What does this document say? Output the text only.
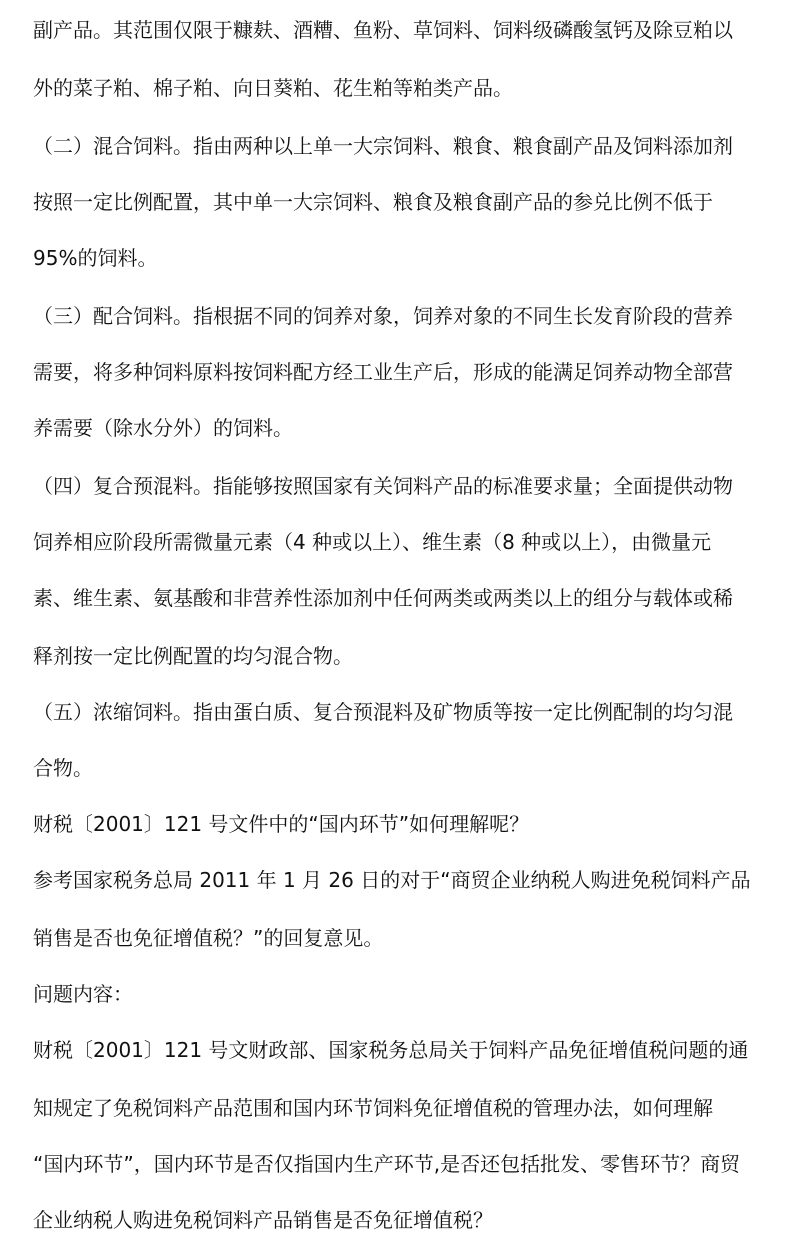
副产品。其范围仅限于糠麸、酒糟、鱼粉、草饲料、饲料级磷酸氢钙及除豆粕以
外的菜子粕、棉子粕、向日葵粕、花生粕等粕类产品。
（二）混合饲料。指由两种以上单一大宗饲料、粮食、粮食副产品及饲料添加剂
按照一定比例配置，其中单一大宗饲料、粮食及粮食副产品的参兑比例不低于
95%的饲料。
（三）配合饲料。指根据不同的饲养对象，饲养对象的不同生长发育阶段的营养
需要，将多种饲料原料按饲料配方经工业生产后，形成的能满足饲养动物全部营
养需要（除水分外）的饲料。
（四）复合预混料。指能够按照国家有关饲料产品的标准要求量；全面提供动物
饲养相应阶段所需微量元素（4 种或以上）、维生素（8 种或以上），由微量元
素、维生素、氨基酸和非营养性添加剂中任何两类或两类以上的组分与载体或稀
释剂按一定比例配置的均匀混合物。
（五）浓缩饲料。指由蛋白质、复合预混料及矿物质等按一定比例配制的均匀混
合物。
财税〔2001〕121 号文件中的“国内环节”如何理解呢？
参考国家税务总局 2011 年 1 月 26 日的对于“商贸企业纳税人购进免税饲料产品
销售是否也免征增值税？”的回复意见。
问题内容：
财税〔2001〕121 号文财政部、国家税务总局关于饲料产品免征增值税问题的通
知规定了免税饲料产品范围和国内环节饲料免征增值税的管理办法，如何理解
“国内环节”，国内环节是否仅指国内生产环节,是否还包括批发、零售环节？商贸
企业纳税人购进免税饲料产品销售是否免征增值税？
